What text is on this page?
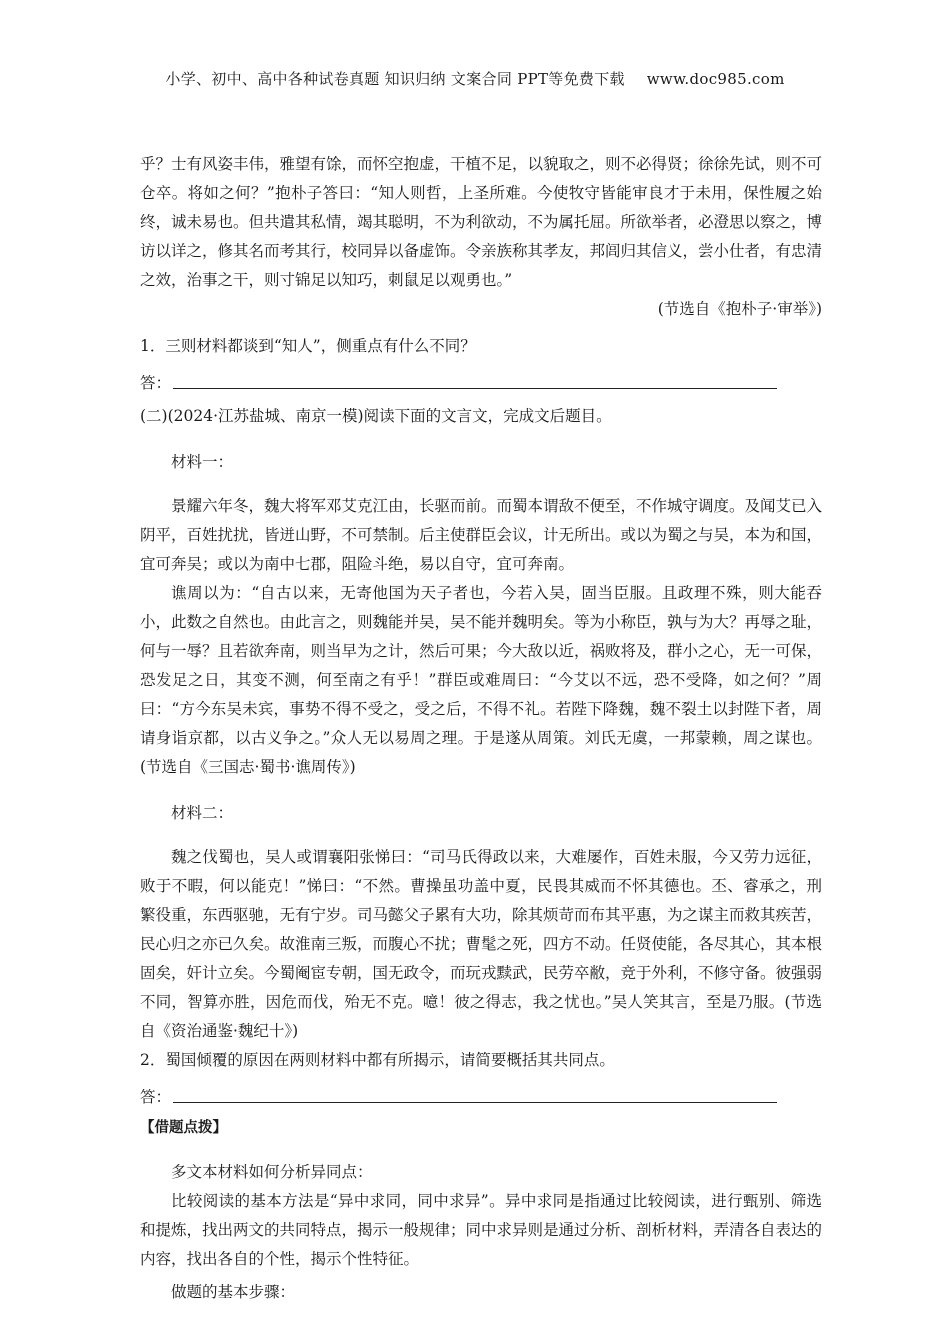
小学、初中、高中各种试卷真题 知识归纳 文案合同 PPT等免费下载 www.doc985.com

乎？士有风姿丰伟，雅望有馀，而怀空抱虚，干植不足，以貌取之，则不必得贤；徐徐先试，则不可仓卒。将如之何？”抱朴子答曰：“知人则哲，上圣所难。今使牧守皆能审良才于未用，保性履之始终，诚未易也。但共遣其私情，竭其聪明，不为利欲动，不为属托屈。所欲举者，必澄思以察之，博访以详之，修其名而考其行，校同异以备虚饰。令亲族称其孝友，邦闾归其信义，尝小仕者，有忠清之效，治事之干，则寸锦足以知巧，刺鼠足以观勇也。”

(节选自《抱朴子·审举》)

1．三则材料都谈到“知人”，侧重点有什么不同？

答：

(二)(2024·江苏盐城、南京一模)阅读下面的文言文，完成文后题目。

材料一：

景耀六年冬，魏大将军邓艾克江由，长驱而前。而蜀本谓敌不便至，不作城守调度。及闻艾已入阴平，百姓扰扰，皆迸山野，不可禁制。后主使群臣会议，计无所出。或以为蜀之与吴，本为和国，宜可奔吴；或以为南中七郡，阻险斗绝，易以自守，宜可奔南。

谯周以为：“自古以来，无寄他国为天子者也，今若入吴，固当臣服。且政理不殊，则大能吞小，此数之自然也。由此言之，则魏能并吴，吴不能并魏明矣。等为小称臣，孰与为大？再辱之耻，何与一辱？且若欲奔南，则当早为之计，然后可果；今大敌以近，祸败将及，群小之心，无一可保，恐发足之日，其变不测，何至南之有乎！”群臣或难周曰：“今艾以不远，恐不受降，如之何？”周曰：“方今东吴未宾，事势不得不受之，受之后，不得不礼。若陛下降魏，魏不裂土以封陛下者，周请身诣京都，以古义争之。”众人无以易周之理。于是遂从周策。刘氏无虞，一邦蒙赖，周之谋也。(节选自《三国志·蜀书·谯周传》)

材料二：

魏之伐蜀也，吴人或谓襄阳张悌曰：“司马氏得政以来，大难屡作，百姓未服，今又劳力远征，败于不暇，何以能克！”悌曰：“不然。曹操虽功盖中夏，民畏其威而不怀其德也。丕、睿承之，刑繁役重，东西驱驰，无有宁岁。司马懿父子累有大功，除其烦苛而布其平惠，为之谋主而救其疾苦，民心归之亦已久矣。故淮南三叛，而腹心不扰；曹髦之死，四方不动。任贤使能，各尽其心，其本根固矣，奸计立矣。今蜀阉宦专朝，国无政令，而玩戎黩武，民劳卒敝，竞于外利，不修守备。彼强弱不同，智算亦胜，因危而伐，殆无不克。噫！彼之得志，我之忧也。”吴人笑其言，至是乃服。(节选自《资治通鉴·魏纪十》)

2．蜀国倾覆的原因在两则材料中都有所揭示，请简要概括其共同点。

答：

【借题点拨】

多文本材料如何分析异同点：

比较阅读的基本方法是“异中求同，同中求异”。异中求同是指通过比较阅读，进行甄别、筛选和提炼，找出两文的共同特点，揭示一般规律；同中求异则是通过分析、剖析材料，弄清各自表达的内容，找出各自的个性，揭示个性特征。

做题的基本步骤：
